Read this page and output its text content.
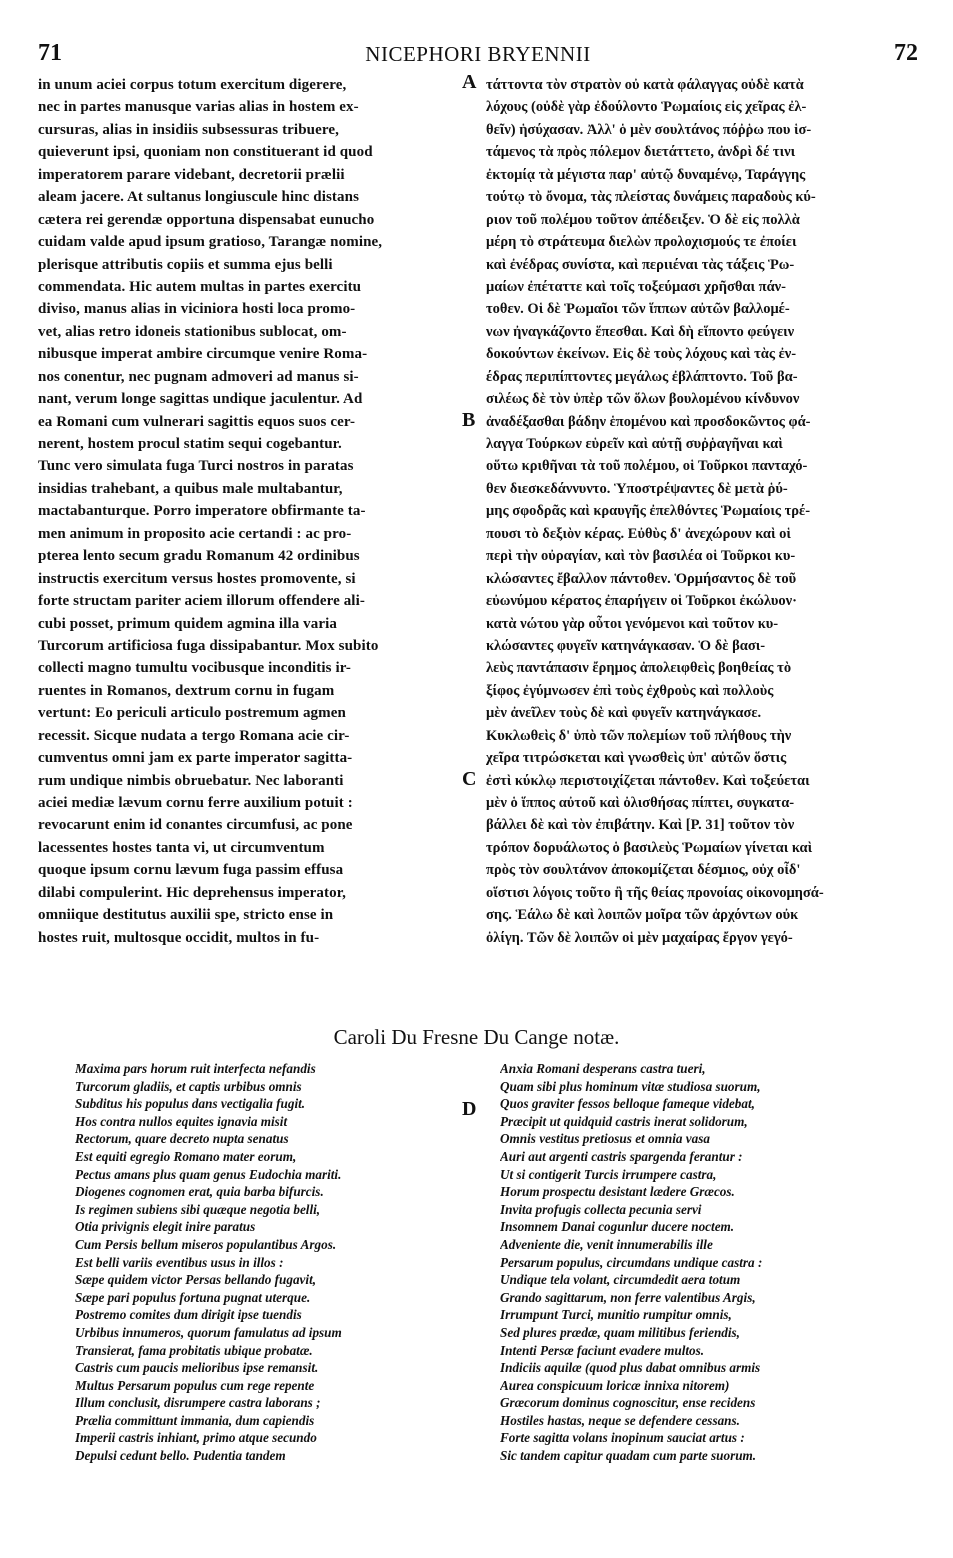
71	NICEPHORI BRYENNII	72
in unum aciei corpus totum exercitum digerere,
nec in partes manusque varias alias in hostem ex-
cursuras, alias in insidiis subsessuras tribuere,
quieverunt ipsi, quoniam non constituerant id quod
imperatorem parare videbant, decretorii prælii
aleam jacere. At sultanus longiuscule hinc distans
cætera rei gerendæ opportuna dispensabat eunucho
cuidam valde apud ipsum gratioso, Tarangæ nomine,
plerisque attributis copiis et summa ejus belli
commendata. Hic autem multas in partes exercitu
diviso, manus alias in viciniora hosti loca promo-
vet, alias retro idoneis stationibus sublocat, om-
nibusque imperat ambire circumque venire Roma-
nos conentur, nec pugnam admoveri ad manus si-
nant, verum longe sagittas undique jaculentur. Ad
ea Romani cum vulnerari sagittis equos suos cer-
nerent, hostem procul statim sequi cogebantur.
Tunc vero simulata fuga Turci nostros in paratas
insidias trahebant, a quibus male multabantur,
mactabanturque. Porro imperatore obfirmante ta-
men animum in proposito acie certandi : ac pro-
pterea lento secum gradu Romanum 42 ordinibus
instructis exercitum versus hostes promovente, si
forte structam pariter aciem illorum offendere ali-
cubi posset, primum quidem agmina illa varia
Turcorum artificiosa fuga dissipabantur. Mox subito
collecti magno tumultu vocibusque inconditis ir-
ruentes in Romanos, dextrum cornu in fugam
vertunt: Eo periculi articulo postremum agmen
recessit. Sicque nudata a tergo Romana acie cir-
cumventus omni jam ex parte imperator sagitta-
rum undique nimbis obruebatur. Nec laboranti
aciei mediæ lævum cornu ferre auxilium potuit :
revocarunt enim id conantes circumfusi, ac pone
lacessentes hostes tanta vi, ut circumventum
quoque ipsum cornu lævum fuga passim effusa
dilabi compulerint. Hic deprehensus imperator,
omniique destitutus auxilii spe, stricto ense in
hostes ruit, multosque occidit, multos in fu-
τάττοντα τὸν στρατὸν οὐ κατὰ φάλαγγας οὐδὲ κατὰ
λόχους (οὐδὲ γὰρ ἐδούλοντο Ῥωμαίοις εἰς χεῖρας ἐλ-
θεῖν) ἡσύχασαν. Ἀλλ' ὁ μὲν σουλτάνος πόῤῥω που ἱσ-
τάμενος τὰ πρὸς πόλεμον διετάττετο, ἀνδρὶ δέ τινι
ἐκτομίᾳ τὰ μέγιστα παρ' αὐτῷ δυναμένῳ, Ταράγγης
τούτῳ τὸ ὄνομα, τὰς πλείστας δυνάμεις παραδοὺς κύ-
ριον τοῦ πολέμου τοῦτον ἀπέδειξεν. Ὁ δὲ εἰς πολλὰ
μέρη τὸ στράτευμα διελὼν προλοχισμούς τε ἐποίει
καὶ ἐνέδρας συνίστα, καὶ περιιέναι τὰς τάξεις Ῥω-
μαίων ἐπέταττε καὶ τοῖς τοξεύμασι χρῆσθαι πάν-
τοθεν. Οἱ δὲ Ῥωμαῖοι τῶν ἵππων αὐτῶν βαλλομέ-
νων ἠναγκάζοντο ἕπεσθαι. Καὶ δὴ εἵποντο φεύγειν
δοκούντων ἐκείνων. Εἰς δὲ τοὺς λόχους καὶ τὰς ἐν-
έδρας περιπίπτοντες μεγάλως ἐβλάπτοντο. Τοῦ βα-
σιλέως δὲ τὸν ὑπὲρ τῶν ὅλων βουλομένου κίνδυνον
ἀναδέξασθαι βάδην ἑπομένου καὶ προσδοκῶντος φά-
λαγγα Τούρκων εὑρεῖν καὶ αὐτῇ συῤῥαγῆναι καὶ
οὕτω κριθῆναι τὰ τοῦ πολέμου, οἱ Τοῦρκοι πανταχό-
θεν διεσκεδάννυντο. Ὑποστρέψαντες δὲ μετὰ ῥύ-
μης σφοδρᾶς καὶ κραυγῆς ἐπελθόντες Ῥωμαίοις τρέ-
πουσι τὸ δεξιὸν κέρας. Εὐθὺς δ' ἀνεχώρουν καὶ οἱ
περὶ τὴν οὐραγίαν, καὶ τὸν βασιλέα οἱ Τοῦρκοι κυ-
κλώσαντες ἔβαλλον πάντοθεν. Ὁρμήσαντος δὲ τοῦ
εὐωνύμου κέρατος ἐπαρήγειν οἱ Τοῦρκοι ἐκώλυον·
κατὰ νώτου γὰρ οὗτοι γενόμενοι καὶ τοῦτον κυ-
κλώσαντες φυγεῖν κατηνάγκασαν. Ὁ δὲ βασι-
λεὺς παντάπασιν ἔρημος ἀπολειφθεὶς βοηθείας τὸ
ξίφος ἐγύμνωσεν ἐπὶ τοὺς ἐχθροὺς καὶ πολλοὺς
μὲν ἀνεῖλεν τοὺς δὲ καὶ φυγεῖν κατηνάγκασε.
Κυκλωθεὶς δ' ὑπὸ τῶν πολεμίων τοῦ πλήθους τὴν
χεῖρα τιτρώσκεται καὶ γνωσθεὶς ὑπ' αὐτῶν ὅστις
ἐστὶ κύκλῳ περιστοιχίζεται πάντοθεν. Καὶ τοξεύεται
μὲν ὁ ἵππος αὐτοῦ καὶ ὀλισθήσας πίπτει, συγκατα-
βάλλει δὲ καὶ τὸν ἐπιβάτην. Καὶ [P. 31] τοῦτον τὸν
τρόπον δορυάλωτος ὁ βασιλεὺς Ῥωμαίων γίνεται καὶ
πρὸς τὸν σουλτάνον ἀποκομίζεται δέσμιος, οὐχ οἶδ'
οἵστισι λόγοις τοῦτο ἢ τῆς θείας προνοίας οἰκονομησά-
σης. Ἑάλω δὲ καὶ λοιπῶν μοῖρα τῶν ἀρχόντων οὐκ
ὀλίγη. Τῶν δὲ λοιπῶν οἱ μὲν μαχαίρας ἔργον γεγό-
A
B
C
D
Caroli Du Fresne Du Cange notæ.
Maxima pars horum ruit interfecta nefandis
Turcorum gladiis, et captis urbibus omnis
Subditus his populus dans vectigalia fugit.
Hos contra nullos equites ignavia misit
Rectorum, quare decreto nupta senatus
Est equiti egregio Romano mater eorum,
Pectus amans plus quam genus Eudochia mariti.
Diogenes cognomen erat, quia barba bifurcis.
Is regimen subiens sibi quæque negotia belli,
Otia privignis elegit inire paratus
Cum Persis bellum miseros populantibus Argos.
Est belli variis eventibus usus in illos :
Sæpe quidem victor Persas bellando fugavit,
Sæpe pari populus fortuna pugnat uterque.
Postremo comites dum dirigit ipse tuendis
Urbibus innumeros, quorum famulatus ad ipsum
Transierat, fama probitatis ubique probatæ.
Castris cum paucis melioribus ipse remansit.
Multus Persarum populus cum rege repente
Illum conclusit, disrumpere castra laborans ;
Prælia committunt immania, dum capiendis
Imperii castris inhiant, primo atque secundo
Depulsi cedunt bello. Pudentia tandem
Anxia Romani desperans castra tueri,
Quam sibi plus hominum vitæ studiosa suorum,
Quos graviter fessos belloque fameque videbat,
Præcipit ut quidquid castris inerat solidorum,
Omnis vestitus pretiosus et omnia vasa
Auri aut argenti castris spargenda ferantur :
Ut si contigerit Turcis irrumpere castra,
Horum prospectu desistant lædere Græcos.
Invita profugis collecta pecunia servi
Insomnem Danai cogunlur ducere noctem.
Adveniente die, venit innumerabilis ille
Persarum populus, circumdans undique castra :
Undique tela volant, circumdedit aera totum
Grando sagittarum, non ferre valentibus Argis,
Irrumpunt Turci, munitio rumpitur omnis,
Sed plures prædæ, quam militibus feriendis,
Intenti Persæ faciunt evadere multos.
Indiciis aquilæ (quod plus dabat omnibus armis
Aurea conspicuum loricæ innixa nitorem)
Græcorum dominus cognoscitur, ense recidens
Hostiles hastas, neque se defendere cessans.
Forte sagitta volans inopinum sauciat artus :
Sic tandem capitur quadam cum parte suorum.
